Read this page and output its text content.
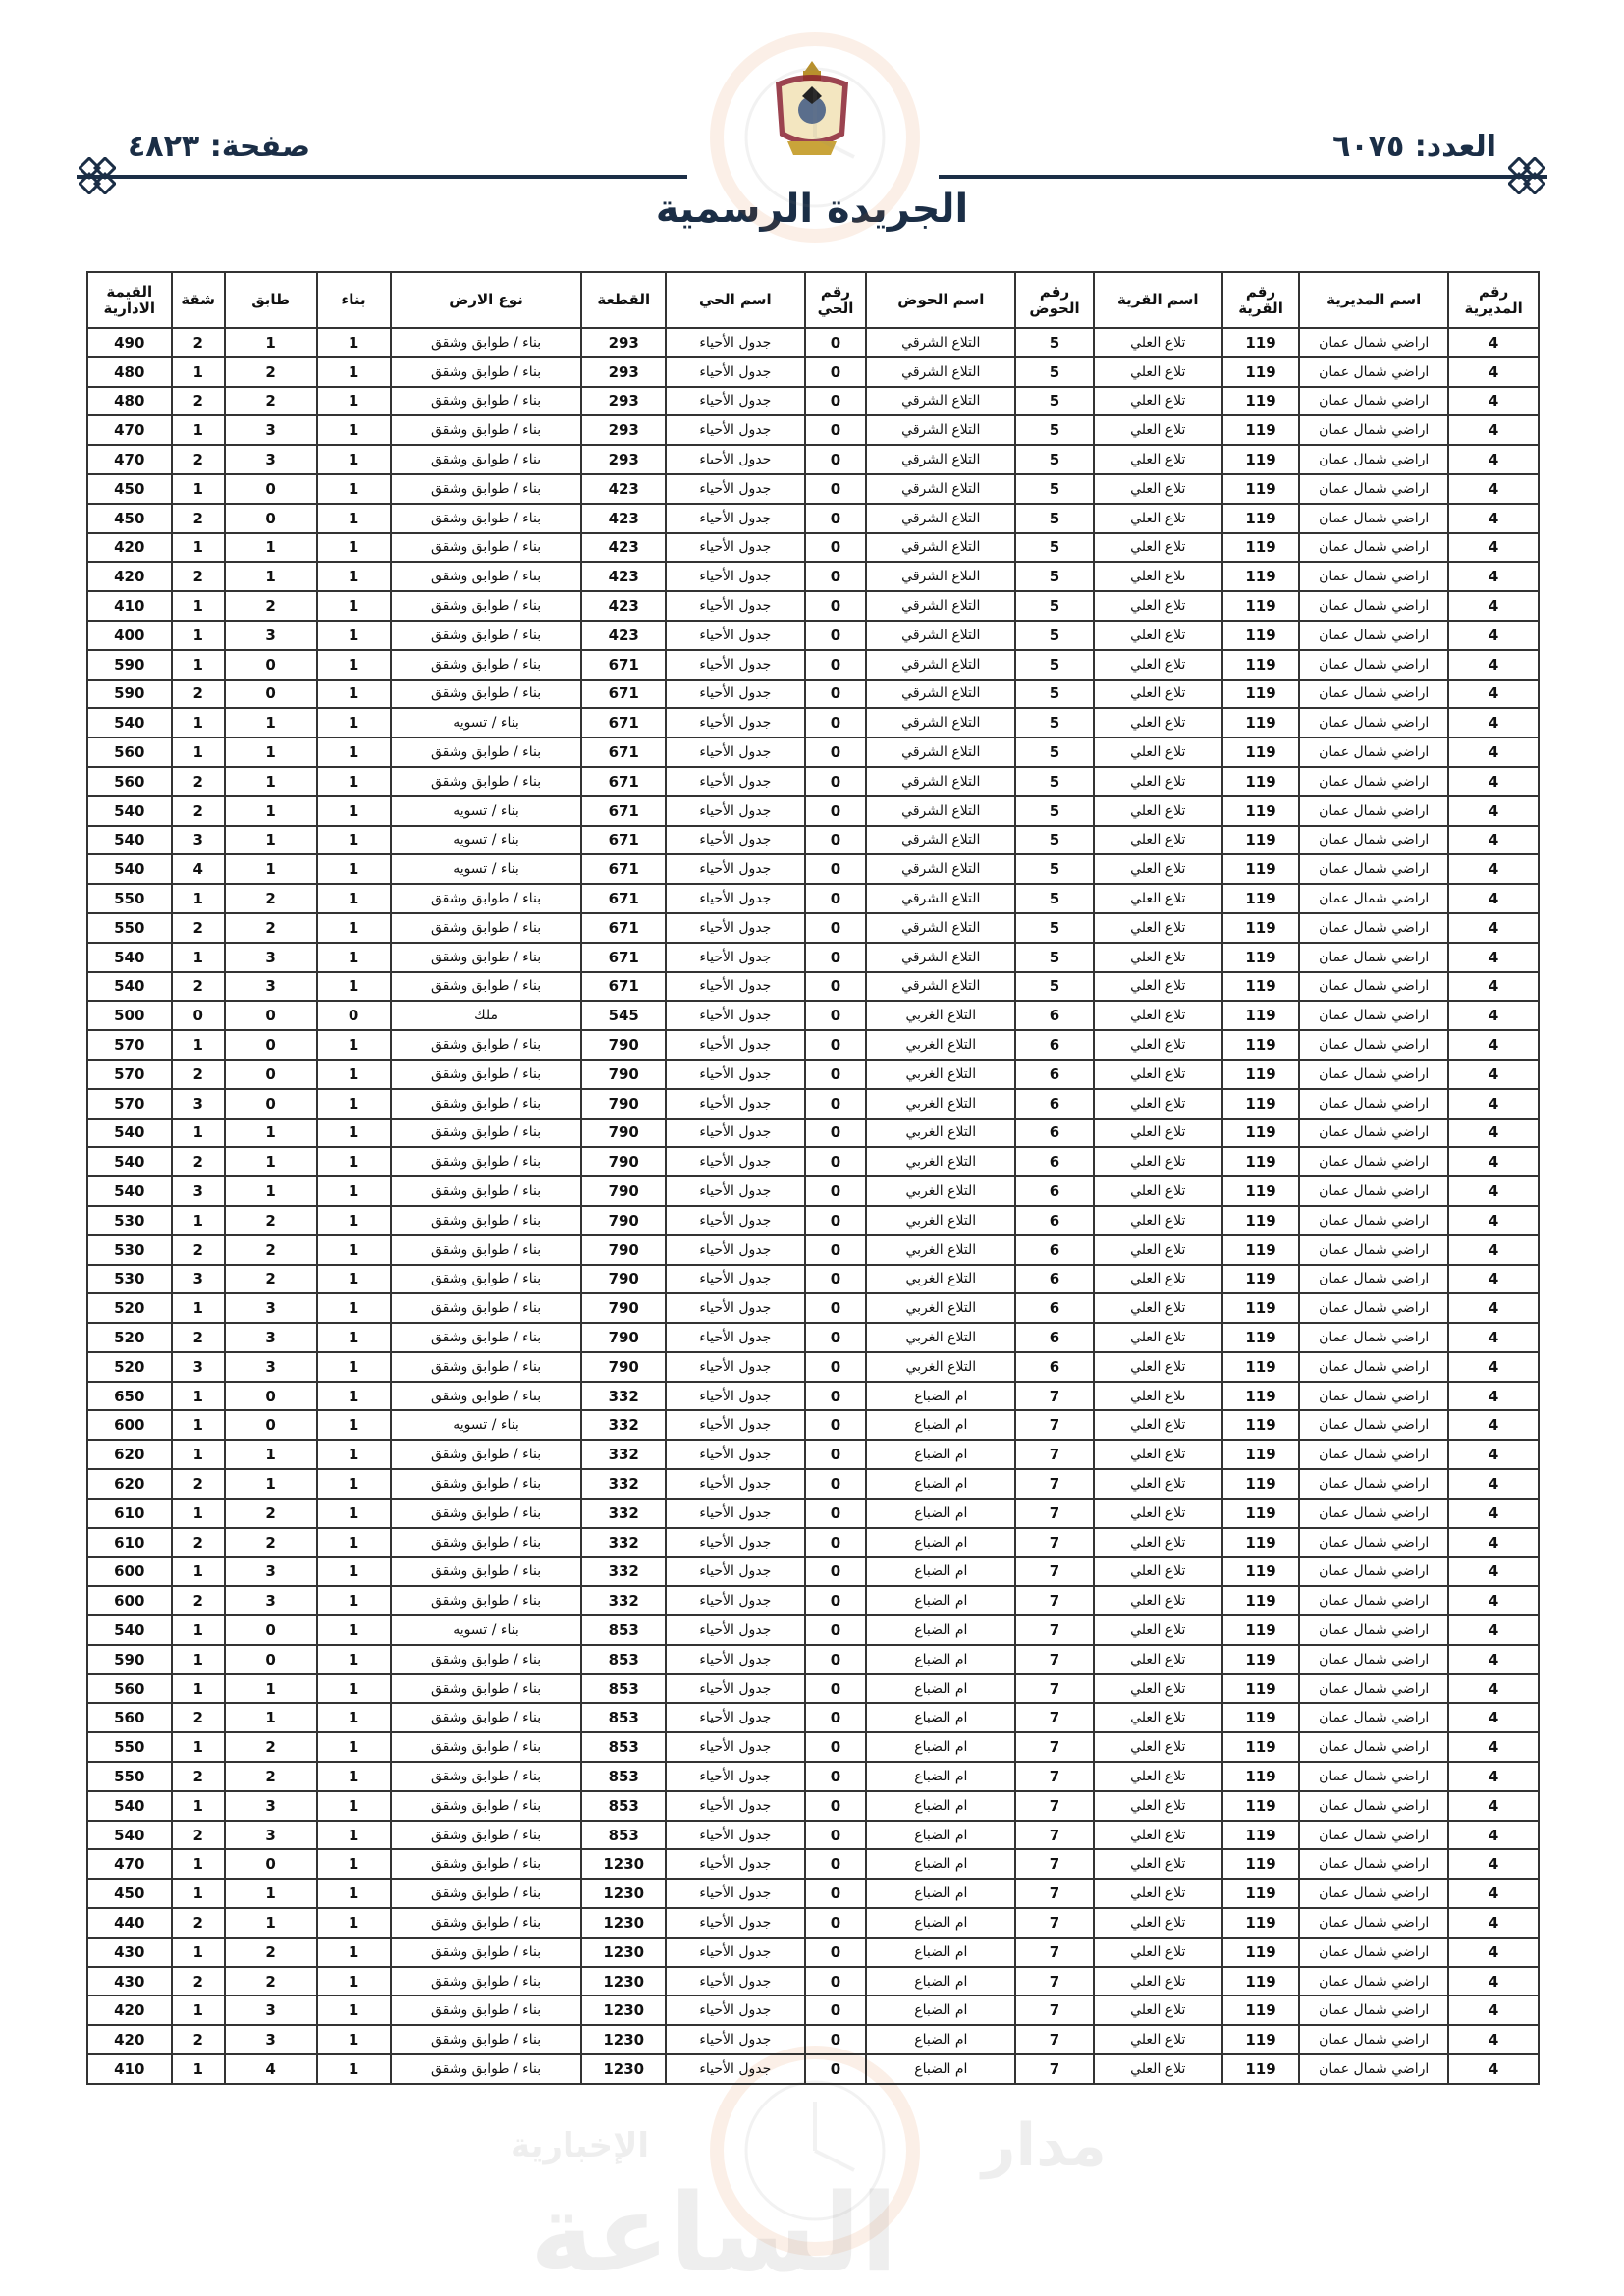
صفحة: ٤٨٢٣	العدد: ٦٠٧٥
الجريدة الرسمية
مدار
الإخبارية
الساعة
رقم المديرية	اسم المديرية	رقم القرية	اسم القرية	رقم الحوض	اسم الحوض	رقم الحي	اسم الحي	القطعة	نوع الارض	بناء	طابق	شقة	القيمة الادارية
4	اراضي شمال عمان	119	تلاع العلي	5	التلاع الشرقي	0	جدول الأحياء	293	بناء / طوابق وشقق	1	1	2	490
4	اراضي شمال عمان	119	تلاع العلي	5	التلاع الشرقي	0	جدول الأحياء	293	بناء / طوابق وشقق	1	2	1	480
4	اراضي شمال عمان	119	تلاع العلي	5	التلاع الشرقي	0	جدول الأحياء	293	بناء / طوابق وشقق	1	2	2	480
4	اراضي شمال عمان	119	تلاع العلي	5	التلاع الشرقي	0	جدول الأحياء	293	بناء / طوابق وشقق	1	3	1	470
4	اراضي شمال عمان	119	تلاع العلي	5	التلاع الشرقي	0	جدول الأحياء	293	بناء / طوابق وشقق	1	3	2	470
4	اراضي شمال عمان	119	تلاع العلي	5	التلاع الشرقي	0	جدول الأحياء	423	بناء / طوابق وشقق	1	0	1	450
4	اراضي شمال عمان	119	تلاع العلي	5	التلاع الشرقي	0	جدول الأحياء	423	بناء / طوابق وشقق	1	0	2	450
4	اراضي شمال عمان	119	تلاع العلي	5	التلاع الشرقي	0	جدول الأحياء	423	بناء / طوابق وشقق	1	1	1	420
4	اراضي شمال عمان	119	تلاع العلي	5	التلاع الشرقي	0	جدول الأحياء	423	بناء / طوابق وشقق	1	1	2	420
4	اراضي شمال عمان	119	تلاع العلي	5	التلاع الشرقي	0	جدول الأحياء	423	بناء / طوابق وشقق	1	2	1	410
4	اراضي شمال عمان	119	تلاع العلي	5	التلاع الشرقي	0	جدول الأحياء	423	بناء / طوابق وشقق	1	3	1	400
4	اراضي شمال عمان	119	تلاع العلي	5	التلاع الشرقي	0	جدول الأحياء	671	بناء / طوابق وشقق	1	0	1	590
4	اراضي شمال عمان	119	تلاع العلي	5	التلاع الشرقي	0	جدول الأحياء	671	بناء / طوابق وشقق	1	0	2	590
4	اراضي شمال عمان	119	تلاع العلي	5	التلاع الشرقي	0	جدول الأحياء	671	بناء / تسويه	1	1	1	540
4	اراضي شمال عمان	119	تلاع العلي	5	التلاع الشرقي	0	جدول الأحياء	671	بناء / طوابق وشقق	1	1	1	560
4	اراضي شمال عمان	119	تلاع العلي	5	التلاع الشرقي	0	جدول الأحياء	671	بناء / طوابق وشقق	1	1	2	560
4	اراضي شمال عمان	119	تلاع العلي	5	التلاع الشرقي	0	جدول الأحياء	671	بناء / تسويه	1	1	2	540
4	اراضي شمال عمان	119	تلاع العلي	5	التلاع الشرقي	0	جدول الأحياء	671	بناء / تسويه	1	1	3	540
4	اراضي شمال عمان	119	تلاع العلي	5	التلاع الشرقي	0	جدول الأحياء	671	بناء / تسويه	1	1	4	540
4	اراضي شمال عمان	119	تلاع العلي	5	التلاع الشرقي	0	جدول الأحياء	671	بناء / طوابق وشقق	1	2	1	550
4	اراضي شمال عمان	119	تلاع العلي	5	التلاع الشرقي	0	جدول الأحياء	671	بناء / طوابق وشقق	1	2	2	550
4	اراضي شمال عمان	119	تلاع العلي	5	التلاع الشرقي	0	جدول الأحياء	671	بناء / طوابق وشقق	1	3	1	540
4	اراضي شمال عمان	119	تلاع العلي	5	التلاع الشرقي	0	جدول الأحياء	671	بناء / طوابق وشقق	1	3	2	540
4	اراضي شمال عمان	119	تلاع العلي	6	التلاع الغربي	0	جدول الأحياء	545	ملك	0	0	0	500
4	اراضي شمال عمان	119	تلاع العلي	6	التلاع الغربي	0	جدول الأحياء	790	بناء / طوابق وشقق	1	0	1	570
4	اراضي شمال عمان	119	تلاع العلي	6	التلاع الغربي	0	جدول الأحياء	790	بناء / طوابق وشقق	1	0	2	570
4	اراضي شمال عمان	119	تلاع العلي	6	التلاع الغربي	0	جدول الأحياء	790	بناء / طوابق وشقق	1	0	3	570
4	اراضي شمال عمان	119	تلاع العلي	6	التلاع الغربي	0	جدول الأحياء	790	بناء / طوابق وشقق	1	1	1	540
4	اراضي شمال عمان	119	تلاع العلي	6	التلاع الغربي	0	جدول الأحياء	790	بناء / طوابق وشقق	1	1	2	540
4	اراضي شمال عمان	119	تلاع العلي	6	التلاع الغربي	0	جدول الأحياء	790	بناء / طوابق وشقق	1	1	3	540
4	اراضي شمال عمان	119	تلاع العلي	6	التلاع الغربي	0	جدول الأحياء	790	بناء / طوابق وشقق	1	2	1	530
4	اراضي شمال عمان	119	تلاع العلي	6	التلاع الغربي	0	جدول الأحياء	790	بناء / طوابق وشقق	1	2	2	530
4	اراضي شمال عمان	119	تلاع العلي	6	التلاع الغربي	0	جدول الأحياء	790	بناء / طوابق وشقق	1	2	3	530
4	اراضي شمال عمان	119	تلاع العلي	6	التلاع الغربي	0	جدول الأحياء	790	بناء / طوابق وشقق	1	3	1	520
4	اراضي شمال عمان	119	تلاع العلي	6	التلاع الغربي	0	جدول الأحياء	790	بناء / طوابق وشقق	1	3	2	520
4	اراضي شمال عمان	119	تلاع العلي	6	التلاع الغربي	0	جدول الأحياء	790	بناء / طوابق وشقق	1	3	3	520
4	اراضي شمال عمان	119	تلاع العلي	7	ام الضباع	0	جدول الأحياء	332	بناء / طوابق وشقق	1	0	1	650
4	اراضي شمال عمان	119	تلاع العلي	7	ام الضباع	0	جدول الأحياء	332	بناء / تسويه	1	0	1	600
4	اراضي شمال عمان	119	تلاع العلي	7	ام الضباع	0	جدول الأحياء	332	بناء / طوابق وشقق	1	1	1	620
4	اراضي شمال عمان	119	تلاع العلي	7	ام الضباع	0	جدول الأحياء	332	بناء / طوابق وشقق	1	1	2	620
4	اراضي شمال عمان	119	تلاع العلي	7	ام الضباع	0	جدول الأحياء	332	بناء / طوابق وشقق	1	2	1	610
4	اراضي شمال عمان	119	تلاع العلي	7	ام الضباع	0	جدول الأحياء	332	بناء / طوابق وشقق	1	2	2	610
4	اراضي شمال عمان	119	تلاع العلي	7	ام الضباع	0	جدول الأحياء	332	بناء / طوابق وشقق	1	3	1	600
4	اراضي شمال عمان	119	تلاع العلي	7	ام الضباع	0	جدول الأحياء	332	بناء / طوابق وشقق	1	3	2	600
4	اراضي شمال عمان	119	تلاع العلي	7	ام الضباع	0	جدول الأحياء	853	بناء / تسويه	1	0	1	540
4	اراضي شمال عمان	119	تلاع العلي	7	ام الضباع	0	جدول الأحياء	853	بناء / طوابق وشقق	1	0	1	590
4	اراضي شمال عمان	119	تلاع العلي	7	ام الضباع	0	جدول الأحياء	853	بناء / طوابق وشقق	1	1	1	560
4	اراضي شمال عمان	119	تلاع العلي	7	ام الضباع	0	جدول الأحياء	853	بناء / طوابق وشقق	1	1	2	560
4	اراضي شمال عمان	119	تلاع العلي	7	ام الضباع	0	جدول الأحياء	853	بناء / طوابق وشقق	1	2	1	550
4	اراضي شمال عمان	119	تلاع العلي	7	ام الضباع	0	جدول الأحياء	853	بناء / طوابق وشقق	1	2	2	550
4	اراضي شمال عمان	119	تلاع العلي	7	ام الضباع	0	جدول الأحياء	853	بناء / طوابق وشقق	1	3	1	540
4	اراضي شمال عمان	119	تلاع العلي	7	ام الضباع	0	جدول الأحياء	853	بناء / طوابق وشقق	1	3	2	540
4	اراضي شمال عمان	119	تلاع العلي	7	ام الضباع	0	جدول الأحياء	1230	بناء / طوابق وشقق	1	0	1	470
4	اراضي شمال عمان	119	تلاع العلي	7	ام الضباع	0	جدول الأحياء	1230	بناء / طوابق وشقق	1	1	1	450
4	اراضي شمال عمان	119	تلاع العلي	7	ام الضباع	0	جدول الأحياء	1230	بناء / طوابق وشقق	1	1	2	440
4	اراضي شمال عمان	119	تلاع العلي	7	ام الضباع	0	جدول الأحياء	1230	بناء / طوابق وشقق	1	2	1	430
4	اراضي شمال عمان	119	تلاع العلي	7	ام الضباع	0	جدول الأحياء	1230	بناء / طوابق وشقق	1	2	2	430
4	اراضي شمال عمان	119	تلاع العلي	7	ام الضباع	0	جدول الأحياء	1230	بناء / طوابق وشقق	1	3	1	420
4	اراضي شمال عمان	119	تلاع العلي	7	ام الضباع	0	جدول الأحياء	1230	بناء / طوابق وشقق	1	3	2	420
4	اراضي شمال عمان	119	تلاع العلي	7	ام الضباع	0	جدول الأحياء	1230	بناء / طوابق وشقق	1	4	1	410
